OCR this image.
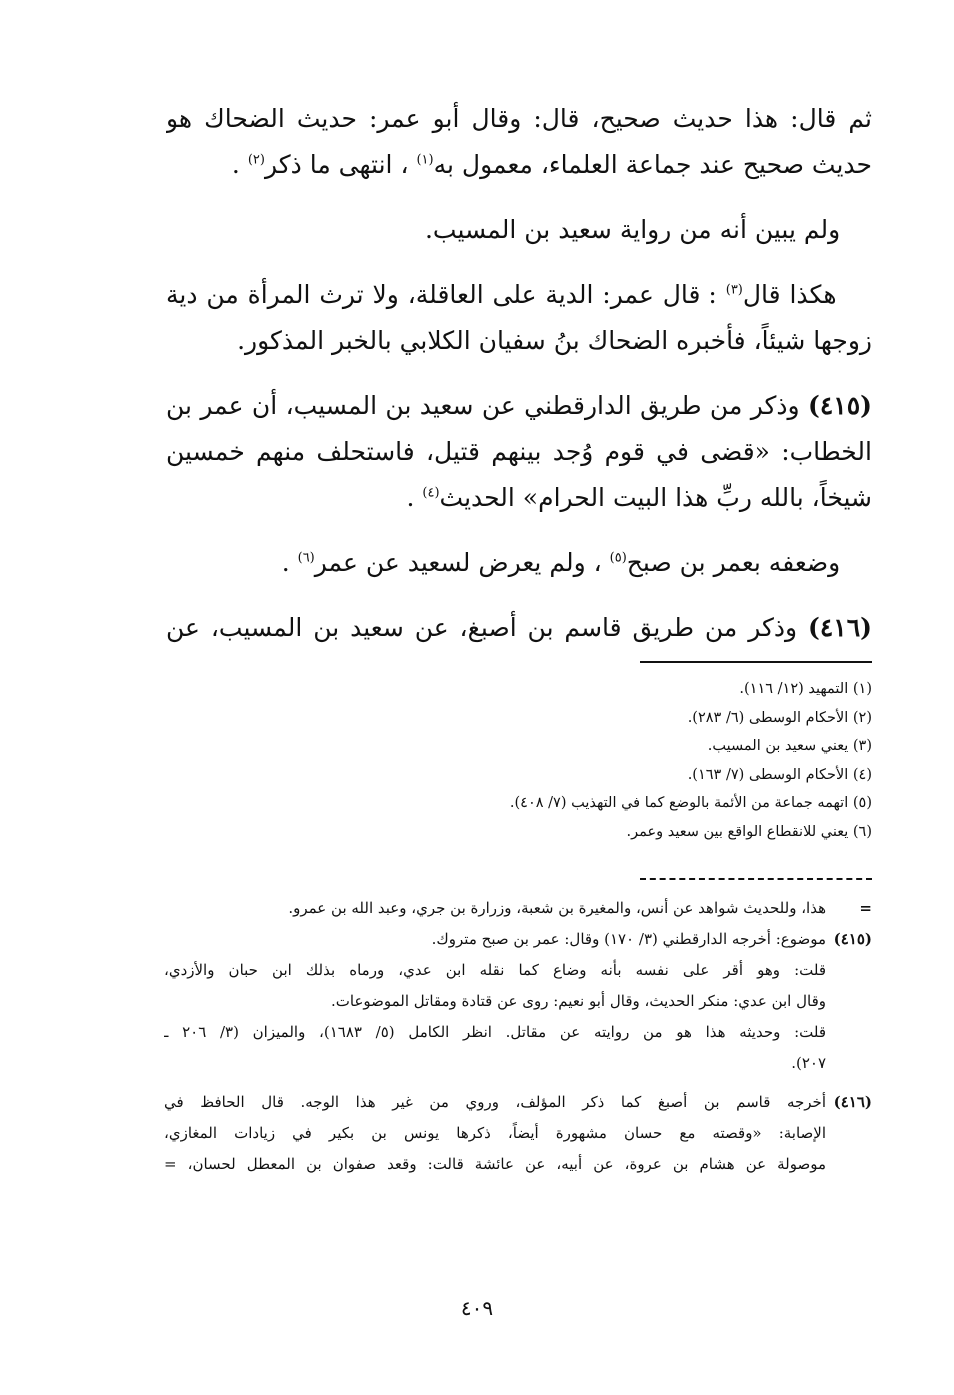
ثم قال: هذا حديث صحيح، قال: وقال أبو عمر: حديث الضحاك هو
حديث صحيح عند جماعة العلماء، معمول به$^{(١)}$ ، انتهى ما ذكر$^{(٢)}$ .
ولم يبين أنه من رواية سعيد بن المسيب.
هكذا قال$^{(٣)}$ : قال عمر: الدية على العاقلة، ولا ترث المرأة من دية
زوجها شيئاً، فأخبره الضحاك بنُ سفيان الكلابي بالخبر المذكور.
(٤١٥) وذكر من طريق الدارقطني عن سعيد بن المسيب، أن عمر بن
الخطاب: «قضى في قوم وُجد بينهم قتيل، فاستحلف منهم خمسين
شيخاً، بالله ربِّ هذا البيت الحرام» الحديث$^{(٤)}$ .
وضعفه بعمر بن صبح$^{(٥)}$ ، ولم يعرض لسعيد عن عمر$^{(٦)}$ .
(٤١٦) وذكر من طريق قاسم بن أصبغ، عن سعيد بن المسيب، عن
(١) التمهيد (١٢/ ١١٦).
(٢) الأحكام الوسطى (٦/ ٢٨٣).
(٣) يعني سعيد بن المسيب.
(٤) الأحكام الوسطى (٧/ ١٦٣).
(٥) اتهمه جماعة من الأئمة بالوضع كما في التهذيب (٧/ ٤٠٨).
(٦) يعني للانقطاع الواقع بين سعيد وعمر.
=
هذا، وللحديث شواهد عن أنس، والمغيرة بن شعبة، وزرارة بن جري، وعبد الله بن عمرو.
(٤١٥)
موضوع: أخرجه الدارقطني (٣/ ١٧٠) وقال: عمر بن صبح متروك.
قلت: وهو أقر على نفسه بأنه وضاع كما نقله ابن عدي، ورماه بذلك ابن حبان والأزدي،
وقال ابن عدي: منكر الحديث، وقال أبو نعيم: روى عن قتادة ومقاتل الموضوعات.
قلت: وحديثه هذا هو من روايته عن مقاتل. انظر الكامل (٥/ ١٦٨٣)، والميزان (٣/ ٢٠٦ ـ
٢٠٧).
(٤١٦)
أخرجه قاسم بن أصبغ كما ذكر المؤلف، وروي من غير هذا الوجه. قال الحافظ في
الإصابة: «وقصته مع حسان مشهورة أيضاً، ذكرها يونس بن بكير في زيادات المغازي،
موصولة عن هشام بن عروة، عن أبيه، عن عائشة قالت: وقعد صفوان بن المعطل لحسان، =
٤٠٩
